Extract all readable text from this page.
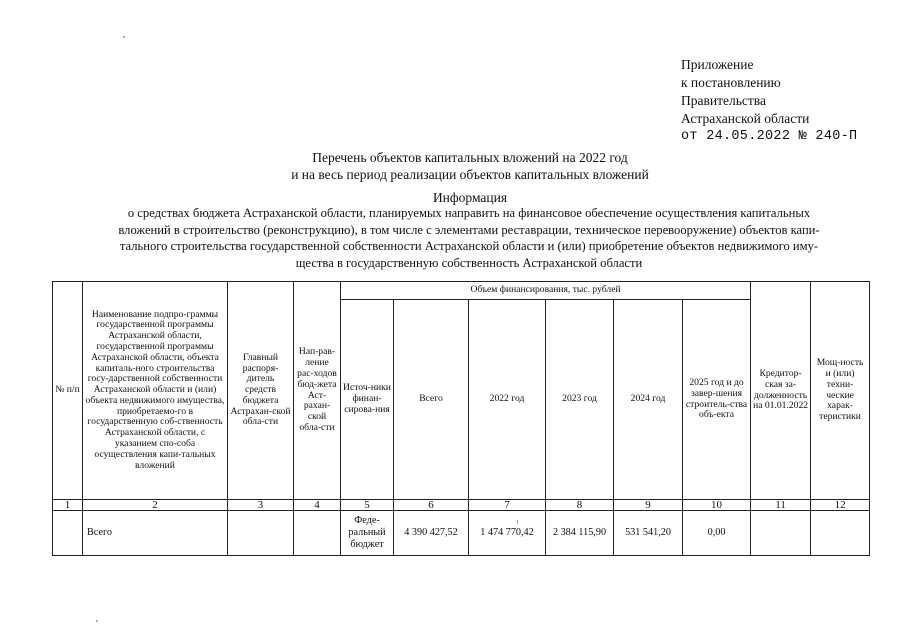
Приложение
к постановлению
Правительства
Астраханской области
от 24.05.2022 № 240-П
Перечень объектов капитальных вложений на 2022 год
и на весь период реализации объектов капитальных вложений
Информация
о средствах бюджета Астраханской области, планируемых направить на финансовое обеспечение осуществления капитальных
вложений в строительство (реконструкцию), в том числе с элементами реставрации, техническое перевооружение) объектов капи-
тального строительства государственной собственности Астраханской области и (или) приобретение объектов недвижимого иму-
щества в государственную собственность Астраханской области
№ п/п	Наименование подпро-граммы государственной программы Астраханской области, государственной программы Астраханской области, объекта капиталь-ного строительства госу-дарственной собственности Астраханской области и (или) объекта недвижимого имущества, приобретаемо-го в государственную соб-ственность Астраханской области, с указанием спо-соба осуществления капи-тальных вложений	Главный распоря-дитель средств бюджета Астрахан-ской обла-сти	Нап-рав-ление рас-ходов бюд-жета Аст-рахан-ской обла-сти	Объем финансирования, тыс. рублей						Кредитор-ская за-долженность на 01.01.2022	Мощ-ность и (или) техни-ческие харак-теристики
				Источ-ники финан-сирова-ния	Всего	2022 год	2023 год	2024 год	2025 год и до завер-шения строитель-ства объ-екта		
1	2	3	4	5	6	7	8	9	10	11	12
	Всего			Феде-ральный бюджет	4 390 427,52	1 474 770,42	2 384 115,90	531 541,20	0,00		
